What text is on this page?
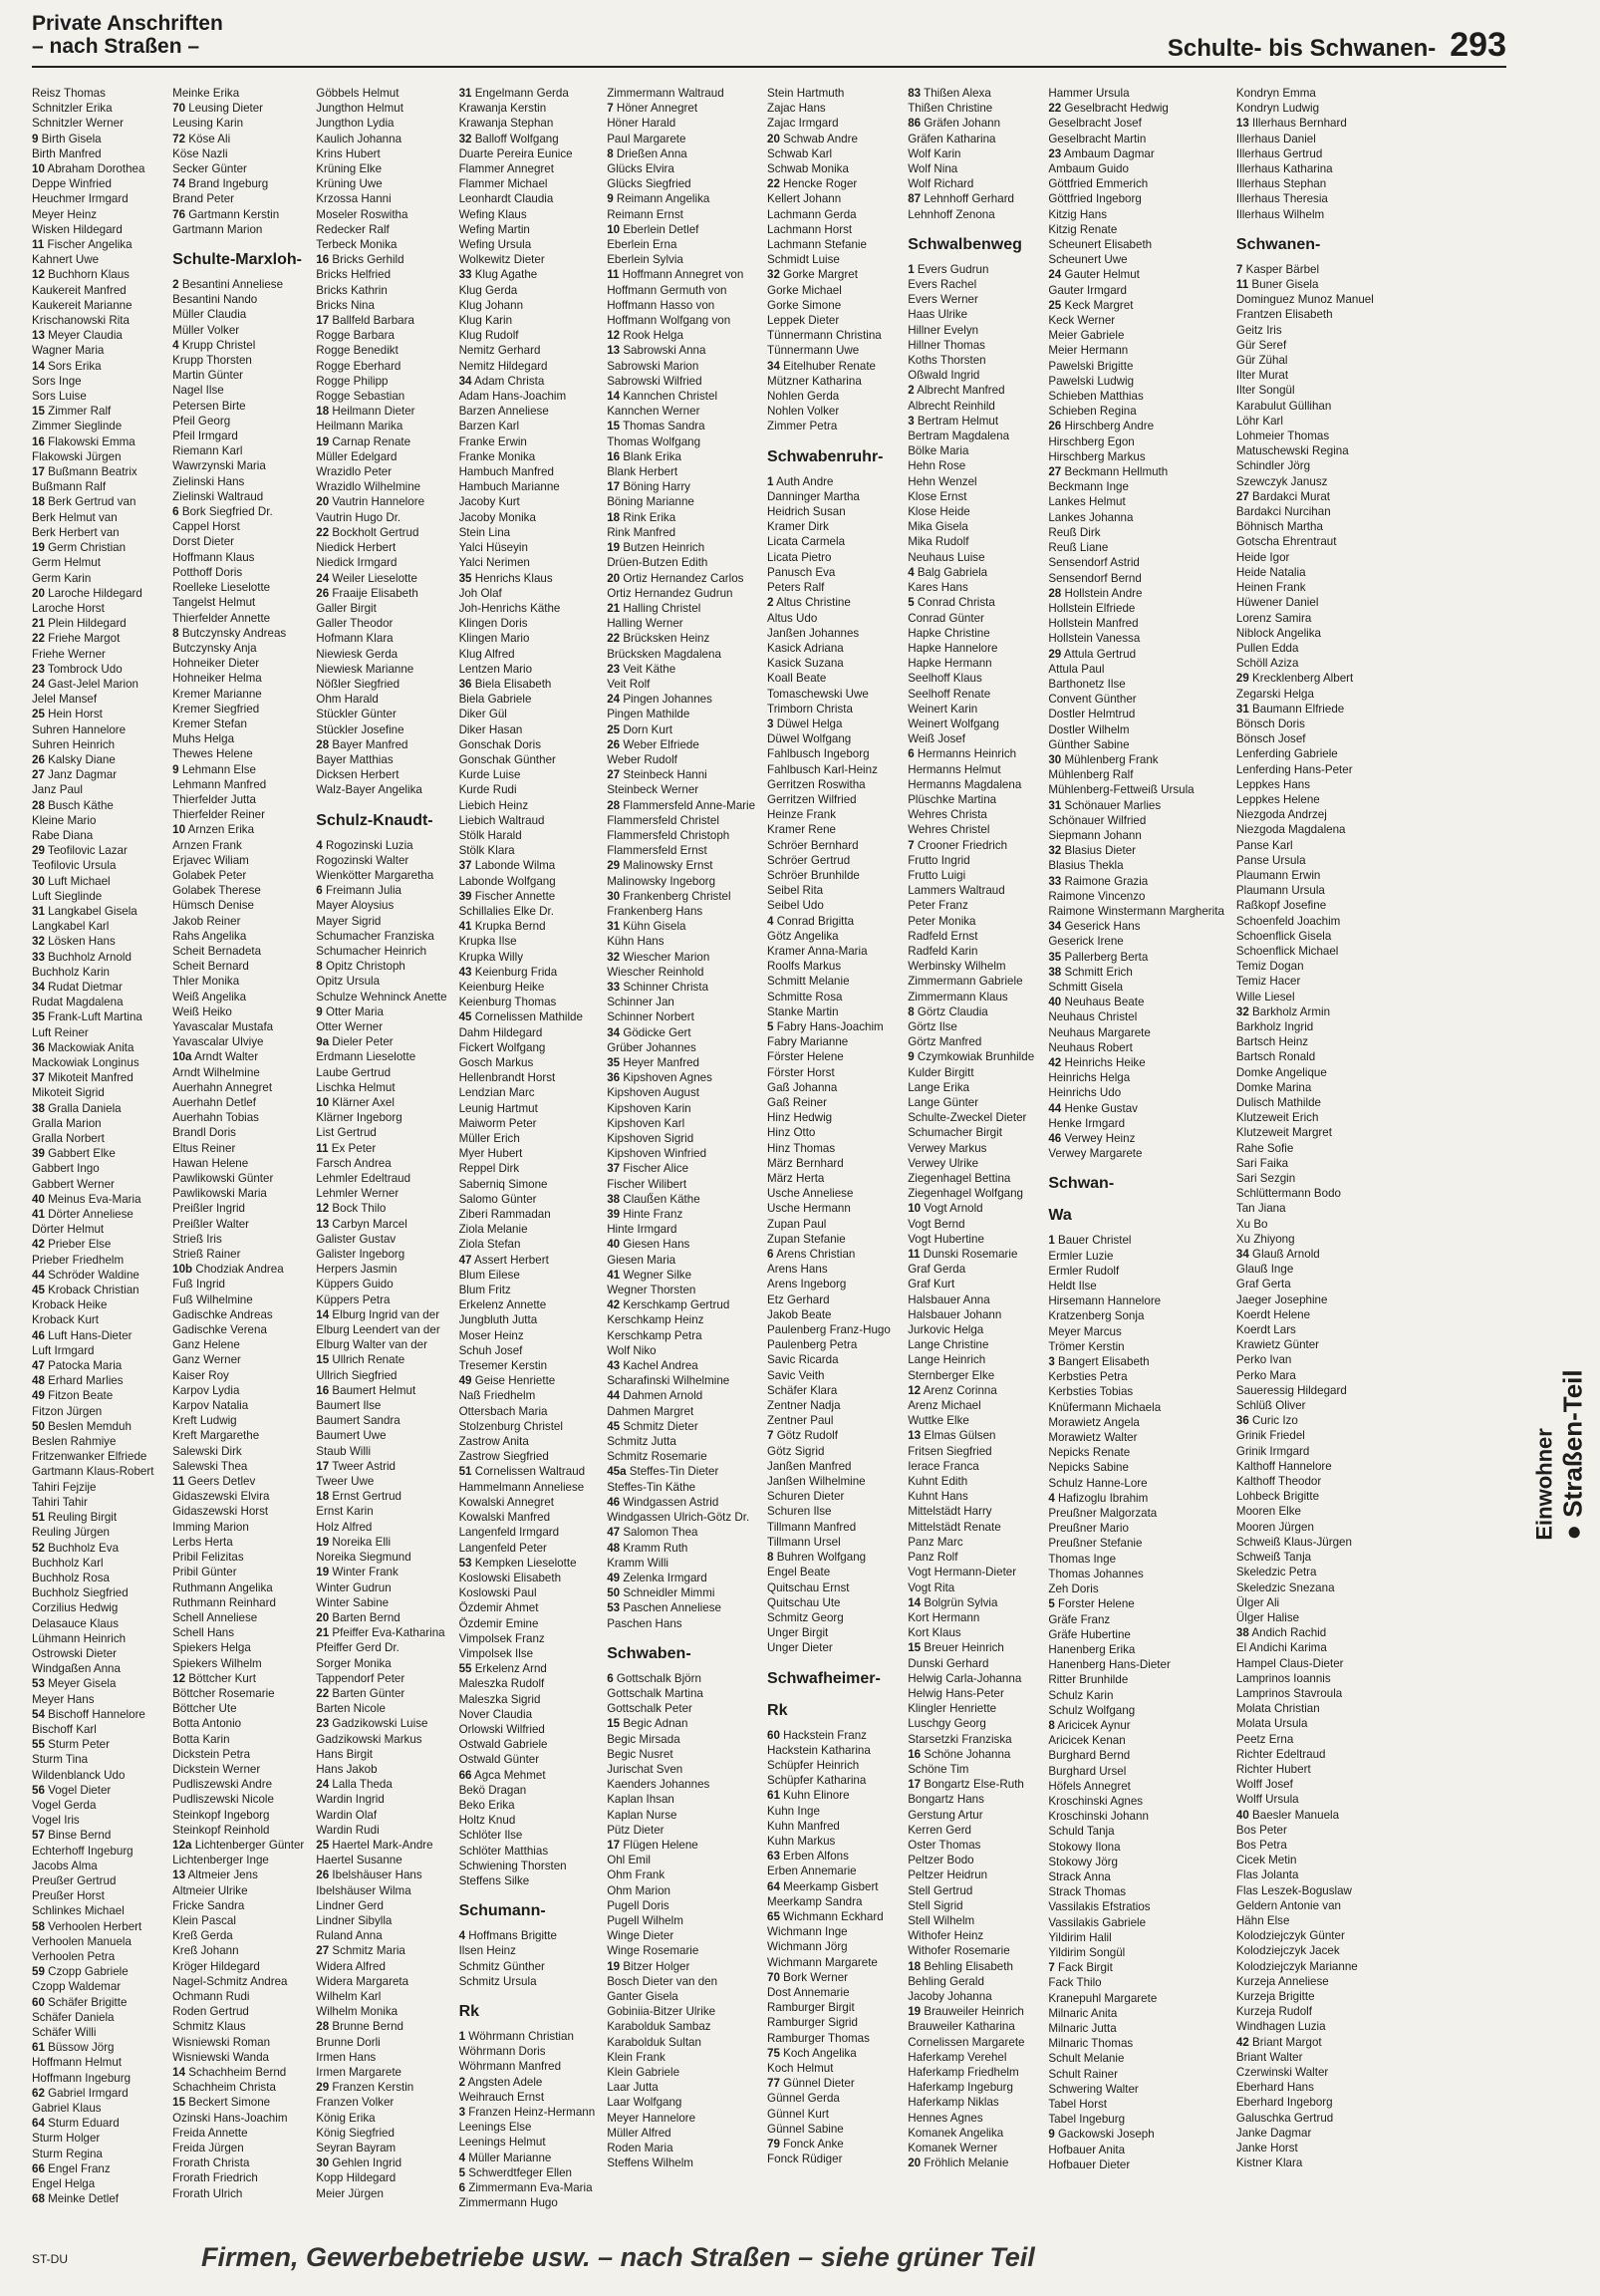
Private Anschriften
– nach Straßen –	Schulte- bis Schwanen- 293
Reisz Thomas
Schnitzler Erika
Schnitzler Werner
9 Birth Gisela
Birth Manfred
10 Abraham Dorothea
Deppe Winfried
Heuchmer Irmgard
Meyer Heinz
Wisken Hildegard
11 Fischer Angelika
Kahnert Uwe
12 Buchhorn Klaus
Kaukereit Manfred
Kaukereit Marianne
Krischanowski Rita
13 Meyer Claudia
Wagner Maria
14 Sors Erika
Sors Inge
Sors Luise
15 Zimmer Ralf
Zimmer Sieglinde
16 Flakowski Emma
Flakowski Jürgen
17 Bußmann Beatrix
Bußmann Ralf
18 Berk Gertrud van
Berk Helmut van
Berk Herbert van
19 Germ Christian
Germ Helmut
Germ Karin
20 Laroche Hildegard
Laroche Horst
21 Plein Hildegard
22 Friehe Margot
Friehe Werner
23 Tombrock Udo
24 Gast-Jelel Marion
Jelel Mansef
25 Hein Horst
Suhren Hannelore
Suhren Heinrich
26 Kalsky Diane
27 Janz Dagmar
Janz Paul
28 Busch Käthe
Kleine Mario
Rabe Diana
29 Teofilovic Lazar
Teofilovic Ursula
30 Luft Michael
Luft Sieglinde
31 Langkabel Gisela
Langkabel Karl
32 Lösken Hans
33 Buchholz Arnold
Buchholz Karin
34 Rudat Dietmar
Rudat Magdalena
35 Frank-Luft Martina
Luft Reiner
36 Mackowiak Anita
Mackowiak Longinus
37 Mikoteit Manfred
Mikoteit Sigrid
38 Gralla Daniela
Gralla Marion
Gralla Norbert
39 Gabbert Elke
Gabbert Ingo
Gabbert Werner
40 Meinus Eva-Maria
41 Dörter Anneliese
Dörter Helmut
42 Prieber Else
Prieber Friedhelm
44 Schröder Waldine
45 Kroback Christian
Kroback Heike
Kroback Kurt
46 Luft Hans-Dieter
Luft Irmgard
47 Patocka Maria
48 Erhard Marlies
49 Fitzon Beate
Fitzon Jürgen
50 Beslen Memduh
Beslen Rahmiye
Fritzenwanker Elfriede
Gartmann Klaus-Robert
Tahiri Fejzije
Tahiri Tahir
51 Reuling Birgit
Reuling Jürgen
52 Buchholz Eva
Buchholz Karl
Buchholz Rosa
Buchholz Siegfried
Corzilius Hedwig
Delasauce Klaus
Lühmann Heinrich
Ostrowski Dieter
Windgaßen Anna
53 Meyer Gisela
Meyer Hans
54 Bischoff Hannelore
Bischoff Karl
55 Sturm Peter
Sturm Tina
Wildenblanck Udo
56 Vogel Dieter
Vogel Gerda
Vogel Iris
57 Binse Bernd
Echterhoff Ingeburg
Jacobs Alma
Preußer Gertrud
Preußer Horst
Schlinkes Michael
58 Verhoolen Herbert
Verhoolen Manuela
Verhoolen Petra
59 Czopp Gabriele
Czopp Waldemar
60 Schäfer Brigitte
Schäfer Daniela
Schäfer Willi
61 Büssow Jörg
Hoffmann Helmut
Hoffmann Ingeburg
62 Gabriel Irmgard
Gabriel Klaus
64 Sturm Eduard
Sturm Holger
Sturm Regina
66 Engel Franz
Engel Helga
68 Meinke Detlef
Meinke Erika
70 Leusing Dieter
Leusing Karin
72 Köse Ali
Köse Nazli
Secker Günter
74 Brand Ingeburg
Brand Peter
76 Gartmann Kerstin
Gartmann Marion
Schulte-Marxloh-
2 Besantini Anneliese
Besantini Nando
Müller Claudia
Müller Volker
4 Krupp Christel
Krupp Thorsten
Martin Günter
Nagel Ilse
Petersen Birte
Pfeil Georg
Pfeil Irmgard
Riemann Karl
Wawrzynski Maria
Zielinski Hans
Zielinski Waltraud
6 Bork Siegfried Dr.
Cappel Horst
Dorst Dieter
Hoffmann Klaus
Potthoff Doris
Roelleke Lieselotte
Tangelst Helmut
Thierfelder Annette
8 Butczynsky Andreas
Butczynsky Anja
Hohneiker Dieter
Hohneiker Helma
Kremer Marianne
Kremer Siegfried
Kremer Stefan
Muhs Helga
Thewes Helene
9 Lehmann Else
Lehmann Manfred
Thierfelder Jutta
Thierfelder Reiner
10 Arnzen Erika
Arnzen Frank
Erjavec Wiliam
Golabek Peter
Golabek Therese
Hümsch Denise
Jakob Reiner
Rahs Angelika
Scheit Bernadeta
Scheit Bernard
Thler Monika
Weiß Angelika
Weiß Heiko
Yavascalar Mustafa
Yavascalar Ulviye
10a Arndt Walter
Arndt Wilhelmine
Auerhahn Annegret
Auerhahn Detlef
Auerhahn Tobias
Brandl Doris
Eltus Reiner
Hawan Helene
Pawlikowski Günter
Pawlikowski Maria
Preißler Ingrid
Preißler Walter
Strieß Iris
Strieß Rainer
10b Chodziak Andrea
Fuß Ingrid
Fuß Wilhelmine
Gadischke Andreas
Gadischke Verena
Ganz Helene
Ganz Werner
Kaiser Roy
Karpov Lydia
Karpov Natalia
Kreft Ludwig
Kreft Margarethe
Salewski Dirk
Salewski Thea
11 Geers Detlev
Gidaszewski Elvira
Gidaszewski Horst
Imming Marion
Lerbs Herta
Pribil Felizitas
Pribil Günter
Ruthmann Angelika
Ruthmann Reinhard
Schell Anneliese
Schell Hans
Spiekers Helga
Spiekers Wilhelm
12 Böttcher Kurt
Böttcher Rosemarie
Böttcher Ute
Botta Antonio
Botta Karin
Dickstein Petra
Dickstein Werner
Pudliszewski Andre
Pudliszewski Nicole
Steinkopf Ingeborg
Steinkopf Reinhold
12a Lichtenberger Günter
Lichtenberger Inge
13 Altmeier Jens
Altmeier Ulrike
Fricke Sandra
Klein Pascal
Kreß Gerda
Kreß Johann
Kröger Hildegard
Nagel-Schmitz Andrea
Ochmann Rudi
Roden Gertrud
Schmitz Klaus
Wisniewski Roman
Wisniewski Wanda
14 Schachheim Bernd
Schachheim Christa
15 Beckert Simone
Ozinski Hans-Joachim
Freida Annette
Freida Jürgen
Frorath Christa
Frorath Friedrich
Frorath Ulrich
Göbbels Helmut
Jungthon Helmut
Jungthon Lydia
Kaulich Johanna
Krins Hubert
Krüning Elke
Krüning Uwe
Krzossa Hanni
Moseler Roswitha
Redecker Ralf
Terbeck Monika
16 Bricks Gerhild
Bricks Helfried
Bricks Kathrin
Bricks Nina
17 Ballfeld Barbara
Rogge Barbara
Rogge Benedikt
Rogge Eberhard
Rogge Philipp
Rogge Sebastian
18 Heilmann Dieter
Heilmann Marika
19 Carnap Renate
Müller Edelgard
Wrazidlo Peter
Wrazidlo Wilhelmine
20 Vautrin Hannelore
Vautrin Hugo Dr.
22 Bockholt Gertrud
Niedick Herbert
Niedick Irmgard
24 Weiler Lieselotte
26 Fraaije Elisabeth
Galler Birgit
Galler Theodor
Hofmann Klara
Niewiesk Gerda
Niewiesk Marianne
Nößler Siegfried
Ohm Harald
Stückler Günter
Stückler Josefine
28 Bayer Manfred
Bayer Matthias
Dicksen Herbert
Walz-Bayer Angelika
Schulz-Knaudt-
4 Rogozinski Luzia
Rogozinski Walter
Wienkötter Margaretha
6 Freimann Julia
Mayer Aloysius
Mayer Sigrid
Schumacher Franziska
Schumacher Heinrich
8 Opitz Christoph
Opitz Ursula
Schulze Wehninck Anette
9 Otter Maria
Otter Werner
9a Dieler Peter
Erdmann Lieselotte
Laube Gertrud
Lischka Helmut
10 Klärner Axel
Klärner Ingeborg
List Gertrud
11 Ex Peter
Farsch Andrea
Lehmler Edeltraud
Lehmler Werner
12 Bock Thilo
13 Carbyn Marcel
Galister Gustav
Galister Ingeborg
Herpers Jasmin
Küppers Guido
Küppers Petra
14 Elburg Ingrid van der
Elburg Leendert van der
Elburg Walter van der
15 Ullrich Renate
Ullrich Siegfried
16 Baumert Helmut
Baumert Ilse
Baumert Sandra
Baumert Uwe
Staub Willi
17 Tweer Astrid
Tweer Uwe
18 Ernst Gertrud
Ernst Karin
Holz Alfred
19 Noreika Elli
Noreika Siegmund
19 Winter Frank
Winter Gudrun
Winter Sabine
20 Barten Bernd
21 Pfeiffer Eva-Katharina
Pfeiffer Gerd Dr.
Sorger Monika
Tappendorf Peter
22 Barten Günter
Barten Nicole
23 Gadzikowski Luise
Gadzikowski Markus
Hans Birgit
Hans Jakob
24 Lalla Theda
Wardin Ingrid
Wardin Olaf
Wardin Rudi
25 Haertel Mark-Andre
Haertel Susanne
26 Ibelshäuser Hans
Ibelshäuser Wilma
Lindner Gerd
Lindner Sibylla
Ruland Anna
27 Schmitz Maria
Widera Alfred
Widera Margareta
Wilhelm Karl
Wilhelm Monika
28 Brunne Bernd
Brunne Dorli
Irmen Hans
Irmen Margarete
29 Franzen Kerstin
Franzen Volker
König Erika
König Siegfried
Seyran Bayram
30 Gehlen Ingrid
Kopp Hildegard
Meier Jürgen
31 Engelmann Gerda
Krawanja Kerstin
Krawanja Stephan
32 Balloff Wolfgang
Duarte Pereira Eunice
Flammer Annegret
Flammer Michael
Leonhardt Claudia
Wefing Klaus
Wefing Martin
Wefing Ursula
Wolkewitz Dieter
33 Klug Agathe
Klug Gerda
Klug Johann
Klug Karin
Klug Rudolf
Nemitz Gerhard
Nemitz Hildegard
34 Adam Christa
Adam Hans-Joachim
Barzen Anneliese
Barzen Karl
Franke Erwin
Franke Monika
Hambuch Manfred
Hambuch Marianne
Jacoby Kurt
Jacoby Monika
Stein Lina
Yalci Hüseyin
Yalci Nerimen
35 Henrichs Klaus
Joh Olaf
Joh-Henrichs Käthe
Klingen Doris
Klingen Mario
Klug Alfred
Lentzen Mario
36 Biela Elisabeth
Biela Gabriele
Diker Gül
Diker Hasan
Gonschak Doris
Gonschak Günther
Kurde Luise
Kurde Rudi
Liebich Heinz
Liebich Waltraud
Stölk Harald
Stölk Klara
37 Labonde Wilma
Labonde Wolfgang
39 Fischer Annette
Schillalies Elke Dr.
41 Krupka Bernd
Krupka Ilse
Krupka Willy
43 Keienburg Frida
Keienburg Heike
Keienburg Thomas
45 Cornelissen Mathilde
Dahm Hildegard
Fickert Wolfgang
Gosch Markus
Hellenbrandt Horst
Lendzian Marc
Leunig Hartmut
Maiworm Peter
Müller Erich
Myer Hubert
Reppel Dirk
Saberniq Simone
Salomo Günter
Ziberi Rammadan
Ziola Melanie
Ziola Stefan
47 Assert Herbert
Blum Eilese
Blum Fritz
Erkelenz Annette
Jungbluth Jutta
Moser Heinz
Schuh Josef
Tresemer Kerstin
49 Geise Henriette
Naß Friedhelm
Ottersbach Maria
Stolzenburg Christel
Zastrow Anita
Zastrow Siegfried
51 Cornelissen Waltraud
Hammelmann Anneliese
Kowalski Annegret
Kowalski Manfred
Langenfeld Irmgard
Langenfeld Peter
53 Kempken Lieselotte
Koslowski Elisabeth
Koslowski Paul
Özdemir Ahmet
Özdemir Emine
Vimpolsek Franz
Vimpolsek Ilse
55 Erkelenz Arnd
Maleszka Rudolf
Maleszka Sigrid
Nover Claudia
Orlowski Wilfried
Ostwald Gabriele
Ostwald Günter
66 Agca Mehmet
Bekö Dragan
Beko Erika
Holtz Knud
Schlöter Ilse
Schlöter Matthias
Schwiening Thorsten
Steffens Silke
Schumann-
4 Hoffmans Brigitte
Ilsen Heinz
Schmitz Günther
Schmitz Ursula
Rk
1 Wöhrmann Christian
Wöhrmann Doris
Wöhrmann Manfred
2 Angsten Adele
Weihrauch Ernst
3 Franzen Heinz-Hermann
Leenings Else
Leenings Helmut
4 Müller Marianne
5 Schwerdtfeger Ellen
6 Zimmermann Eva-Maria
Zimmermann Hugo
Zimmermann Waltraud
7 Höner Annegret
Höner Harald
Paul Margarete
8 Drießen Anna
Glücks Elvira
Glücks Siegfried
9 Reimann Angelika
Reimann Ernst
10 Eberlein Detlef
Eberlein Erna
Eberlein Sylvia
11 Hoffmann Annegret von
Hoffmann Germuth von
Hoffmann Hasso von
Hoffmann Wolfgang von
12 Rook Helga
13 Sabrowski Anna
Sabrowski Marion
Sabrowski Wilfried
14 Kannchen Christel
Kannchen Werner
15 Thomas Sandra
Thomas Wolfgang
16 Blank Erika
Blank Herbert
17 Böning Harry
Böning Marianne
18 Rink Erika
Rink Manfred
19 Butzen Heinrich
Drüen-Butzen Edith
20 Ortiz Hernandez Carlos
Ortiz Hernandez Gudrun
21 Halling Christel
Halling Werner
22 Brücksken Heinz
Brücksken Magdalena
23 Veit Käthe
Veit Rolf
24 Pingen Johannes
Pingen Mathilde
25 Dorn Kurt
26 Weber Elfriede
Weber Rudolf
27 Steinbeck Hanni
Steinbeck Werner
28 Flammersfeld Anne-Marie
Flammersfeld Christel
Flammersfeld Christoph
Flammersfeld Ernst
29 Malinowsky Ernst
Malinowsky Ingeborg
30 Frankenberg Christel
Frankenberg Hans
31 Kühn Gisela
Kühn Hans
32 Wiescher Marion
Wiescher Reinhold
33 Schinner Christa
Schinner Jan
Schinner Norbert
34 Gödicke Gert
Grüber Johannes
35 Heyer Manfred
36 Kipshoven Agnes
Kipshoven August
Kipshoven Karin
Kipshoven Karl
Kipshoven Sigrid
Kipshoven Winfried
37 Fischer Alice
Fischer Wilibert
38 Clauß̈en Käthe
39 Hinte Franz
Hinte Irmgard
40 Giesen Hans
Giesen Maria
41 Wegner Silke
Wegner Thorsten
42 Kerschkamp Gertrud
Kerschkamp Heinz
Kerschkamp Petra
Wolf Niko
43 Kachel Andrea
Scharafinski Wilhelmine
44 Dahmen Arnold
Dahmen Margret
45 Schmitz Dieter
Schmitz Jutta
Schmitz Rosemarie
45a Steffes-Tin Dieter
Steffes-Tin Käthe
46 Windgassen Astrid
Windgassen Ulrich-Götz Dr.
47 Salomon Thea
48 Kramm Ruth
Kramm Willi
49 Zelenka Irmgard
50 Schneidler Mimmi
53 Paschen Anneliese
Paschen Hans
Schwaben-
6 Gottschalk Björn
Gottschalk Martina
Gottschalk Peter
15 Begic Adnan
Begic Mirsada
Begic Nusret
Jurischat Sven
Kaenders Johannes
Kaplan Ihsan
Kaplan Nurse
Pütz Dieter
17 Flügen Helene
Ohl Emil
Ohm Frank
Ohm Marion
Pugell Doris
Pugell Wilhelm
Winge Dieter
Winge Rosemarie
19 Bitzer Holger
Bosch Dieter van den
Ganter Gisela
Gobiniia-Bitzer Ulrike
Karabolduk Sambaz
Karabolduk Sultan
Klein Frank
Klein Gabriele
Laar Jutta
Laar Wolfgang
Meyer Hannelore
Müller Alfred
Roden Maria
Steffens Wilhelm
Stein Hartmuth
Zajac Hans
Zajac Irmgard
20 Schwab Andre
Schwab Karl
Schwab Monika
22 Hencke Roger
Kellert Johann
Lachmann Gerda
Lachmann Horst
Lachmann Stefanie
Schmidt Luise
32 Gorke Margret
Gorke Michael
Gorke Simone
Leppek Dieter
Tünnermann Christina
Tünnermann Uwe
34 Eitelhuber Renate
Mützner Katharina
Nohlen Gerda
Nohlen Volker
Zimmer Petra
Schwabenruhr-
1 Auth Andre
Danninger Martha
Heidrich Susan
Kramer Dirk
Licata Carmela
Licata Pietro
Panusch Eva
Peters Ralf
2 Altus Christine
Altus Udo
Janßen Johannes
Kasick Adriana
Kasick Suzana
Koall Beate
Tomaschewski Uwe
Trimborn Christa
3 Düwel Helga
Düwel Wolfgang
Fahlbusch Ingeborg
Fahlbusch Karl-Heinz
Gerritzen Roswitha
Gerritzen Wilfried
Heinze Frank
Kramer Rene
Schröer Bernhard
Schröer Gertrud
Schröer Brunhilde
Seibel Rita
Seibel Udo
4 Conrad Brigitta
Götz Angelika
Kramer Anna-Maria
Roolfs Markus
Schmitt Melanie
Schmitte Rosa
Stanke Martin
5 Fabry Hans-Joachim
Fabry Marianne
Förster Helene
Förster Horst
Gaß Johanna
Gaß Reiner
Hinz Hedwig
Hinz Otto
Hinz Thomas
März Bernhard
März Herta
Usche Anneliese
Usche Hermann
Zupan Paul
Zupan Stefanie
6 Arens Christian
Arens Hans
Arens Ingeborg
Etz Gerhard
Jakob Beate
Paulenberg Franz-Hugo
Paulenberg Petra
Savic Ricarda
Savic Veith
Schäfer Klara
Zentner Nadja
Zentner Paul
7 Götz Rudolf
Götz Sigrid
Janßen Manfred
Janßen Wilhelmine
Schuren Dieter
Schuren Ilse
Tillmann Manfred
Tillmann Ursel
8 Buhren Wolfgang
Engel Beate
Quitschau Ernst
Quitschau Ute
Schmitz Georg
Unger Birgit
Unger Dieter
Schwafheimer-
Rk
60 Hackstein Franz
Hackstein Katharina
Schüpfer Heinrich
Schüpfer Katharina
61 Kuhn Elinore
Kuhn Inge
Kuhn Manfred
Kuhn Markus
63 Erben Alfons
Erben Annemarie
64 Meerkamp Gisbert
Meerkamp Sandra
65 Wichmann Eckhard
Wichmann Inge
Wichmann Jörg
Wichmann Margarete
70 Bork Werner
Dost Annemarie
Ramburger Birgit
Ramburger Sigrid
Ramburger Thomas
75 Koch Angelika
Koch Helmut
77 Günnel Dieter
Günnel Gerda
Günnel Kurt
Günnel Sabine
79 Fonck Anke
Fonck Rüdiger
83 Thißen Alexa
Thißen Christine
86 Gräfen Johann
Gräfen Katharina
Wolf Karin
Wolf Nina
Wolf Richard
87 Lehnhoff Gerhard
Lehnhoff Zenona
Schwalbenweg
1 Evers Gudrun
Evers Rachel
Evers Werner
Haas Ulrike
Hillner Evelyn
Hillner Thomas
Koths Thorsten
Oßwald Ingrid
2 Albrecht Manfred
Albrecht Reinhild
3 Bertram Helmut
Bertram Magdalena
Bölke Maria
Hehn Rose
Hehn Wenzel
Klose Ernst
Klose Heide
Mika Gisela
Mika Rudolf
Neuhaus Luise
4 Balg Gabriela
Kares Hans
5 Conrad Christa
Conrad Günter
Hapke Christine
Hapke Hannelore
Hapke Hermann
Seelhoff Klaus
Seelhoff Renate
Weinert Karin
Weinert Wolfgang
Weiß Josef
6 Hermanns Heinrich
Hermanns Helmut
Hermanns Magdalena
Plüschke Martina
Wehres Christa
Wehres Christel
7 Crooner Friedrich
Frutto Ingrid
Frutto Luigi
Lammers Waltraud
Peter Franz
Peter Monika
Radfeld Ernst
Radfeld Karin
Werbinsky Wilhelm
Zimmermann Gabriele
Zimmermann Klaus
8 Görtz Claudia
Görtz Ilse
Görtz Manfred
9 Czymkowiak Brunhilde
Kulder Birgitt
Lange Erika
Lange Günter
Schulte-Zweckel Dieter
Schumacher Birgit
Verwey Markus
Verwey Ulrike
Ziegenhagel Bettina
Ziegenhagel Wolfgang
10 Vogt Arnold
Vogt Bernd
Vogt Hubertine
11 Dunski Rosemarie
Graf Gerda
Graf Kurt
Halsbauer Anna
Halsbauer Johann
Jurkovic Helga
Lange Christine
Lange Heinrich
Sternberger Elke
12 Arenz Corinna
Arenz Michael
Wuttke Elke
13 Elmas Gülsen
Fritsen Siegfried
Ierace Franca
Kuhnt Edith
Kuhnt Hans
Mittelstädt Harry
Mittelstädt Renate
Panz Marc
Panz Rolf
Vogt Hermann-Dieter
Vogt Rita
14 Bolgrün Sylvia
Kort Hermann
Kort Klaus
15 Breuer Heinrich
Dunski Gerhard
Helwig Carla-Johanna
Helwig Hans-Peter
Klingler Henriette
Luschgy Georg
Starsetzki Franziska
16 Schöne Johanna
Schöne Tim
17 Bongartz Else-Ruth
Bongartz Hans
Gerstung Artur
Kerren Gerd
Oster Thomas
Peltzer Bodo
Peltzer Heidrun
Stell Gertrud
Stell Sigrid
Stell Wilhelm
Withofer Heinz
Withofer Rosemarie
18 Behling Elisabeth
Behling Gerald
Jacoby Johanna
19 Brauweiler Heinrich
Brauweiler Katharina
Cornelissen Margarete
Haferkamp Verehel
Haferkamp Friedhelm
Haferkamp Ingeburg
Haferkamp Niklas
Hennes Agnes
Komanek Angelika
Komanek Werner
20 Fröhlich Melanie
Hammer Ursula
22 Geselbracht Hedwig
Geselbracht Josef
Geselbracht Martin
23 Ambaum Dagmar
Ambaum Guido
Göttfried Emmerich
Göttfried Ingeborg
Kitzig Hans
Kitzig Renate
Scheunert Elisabeth
Scheunert Uwe
24 Gauter Helmut
Gauter Irmgard
25 Keck Margret
Keck Werner
Meier Gabriele
Meier Hermann
Pawelski Brigitte
Pawelski Ludwig
Schieben Matthias
Schieben Regina
26 Hirschberg Andre
Hirschberg Egon
Hirschberg Markus
27 Beckmann Hellmuth
Beckmann Inge
Lankes Helmut
Lankes Johanna
Reuß Dirk
Reuß Liane
Sensendorf Astrid
Sensendorf Bernd
28 Hollstein Andre
Hollstein Elfriede
Hollstein Manfred
Hollstein Vanessa
29 Attula Gertrud
Attula Paul
Barthonetz Ilse
Convent Günther
Dostler Helmtrud
Dostler Wilhelm
Günther Sabine
30 Mühlenberg Frank
Mühlenberg Ralf
Mühlenberg-Fettweiß Ursula
31 Schönauer Marlies
Schönauer Wilfried
Siepmann Johann
32 Blasius Dieter
Blasius Thekla
33 Raimone Grazia
Raimone Vincenzo
Raimone Winstermann Margherita
34 Geserick Hans
Geserick Irene
35 Pallerberg Berta
38 Schmitt Erich
Schmitt Gisela
40 Neuhaus Beate
Neuhaus Christel
Neuhaus Margarete
Neuhaus Robert
42 Heinrichs Heike
Heinrichs Helga
Heinrichs Udo
44 Henke Gustav
Henke Irmgard
46 Verwey Heinz
Verwey Margarete
Schwan-
Wa
1 Bauer Christel
Ermler Luzie
Ermler Rudolf
Heldt Ilse
Hirsemann Hannelore
Kratzenberg Sonja
Meyer Marcus
Trömer Kerstin
3 Bangert Elisabeth
Kerbsties Petra
Kerbsties Tobias
Knüfermann Michaela
Morawietz Angela
Morawietz Walter
Nepicks Renate
Nepicks Sabine
Schulz Hanne-Lore
4 Hafizoglu Ibrahim
Preußner Malgorzata
Preußner Mario
Preußner Stefanie
Thomas Inge
Thomas Johannes
Zeh Doris
5 Forster Helene
Gräfe Franz
Gräfe Hubertine
Hanenberg Erika
Hanenberg Hans-Dieter
Ritter Brunhilde
Schulz Karin
Schulz Wolfgang
8 Aricicek Aynur
Aricicek Kenan
Burghard Bernd
Burghard Ursel
Höfels Annegret
Kroschinski Agnes
Kroschinski Johann
Schuld Tanja
Stokowy Ilona
Stokowy Jörg
Strack Anna
Strack Thomas
Vassilakis Efstratios
Vassilakis Gabriele
Yildirim Halil
Yildirim Songül
7 Fack Birgit
Fack Thilo
Kranepuhl Margarete
Milnaric Anita
Milnaric Jutta
Milnaric Thomas
Schult Melanie
Schult Rainer
Schwering Walter
Tabel Horst
Tabel Ingeburg
9 Gackowski Joseph
Hofbauer Anita
Hofbauer Dieter
Kondryn Emma
Kondryn Ludwig
13 Illerhaus Bernhard
Illerhaus Daniel
Illerhaus Gertrud
Illerhaus Katharina
Illerhaus Stephan
Illerhaus Theresia
Illerhaus Wilhelm
Schwanen-
7 Kasper Bärbel
11 Buner Gisela
Dominguez Munoz Manuel
Frantzen Elisabeth
Geitz Iris
Gür Seref
Gür Zühal
Ilter Murat
Ilter Songül
Karabulut Güllihan
Löhr Karl
Lohmeier Thomas
Matuschewski Regina
Schindler Jörg
Szewczyk Janusz
27 Bardakci Murat
Bardakci Nurcihan
Böhnisch Martha
Gotscha Ehrentraut
Heide Igor
Heide Natalia
Heinen Frank
Hüwener Daniel
Lorenz Samira
Niblock Angelika
Pullen Edda
Schöll Aziza
29 Krecklenberg Albert
Zegarski Helga
31 Baumann Elfriede
Bönsch Doris
Bönsch Josef
Lenferding Gabriele
Lenferding Hans-Peter
Leppkes Hans
Leppkes Helene
Niezgoda Andrzej
Niezgoda Magdalena
Panse Karl
Panse Ursula
Plaumann Erwin
Plaumann Ursula
Raßkopf Josefine
Schoenfeld Joachim
Schoenflick Gisela
Schoenflick Michael
Temiz Dogan
Temiz Hacer
Wille Liesel
32 Barkholz Armin
Barkholz Ingrid
Bartsch Heinz
Bartsch Ronald
Domke Angelique
Domke Marina
Dulisch Mathilde
Klutzeweit Erich
Klutzeweit Margret
Rahe Sofie
Sari Faika
Sari Sezgin
Schlüttermann Bodo
Tan Jiana
Xu Bo
Xu Zhiyong
34 Glauß Arnold
Glauß Inge
Graf Gerta
Jaeger Josephine
Koerdt Helene
Koerdt Lars
Krawietz Günter
Perko Ivan
Perko Mara
Saueressig Hildegard
Schlüß Oliver
36 Curic Izo
Grinik Friedel
Grinik Irmgard
Kalthoff Hannelore
Kalthoff Theodor
Lohbeck Brigitte
Mooren Elke
Mooren Jürgen
Schweiß Klaus-Jürgen
Schweiß Tanja
Skeledzic Petra
Skeledzic Snezana
Ülger Ali
Ülger Halise
38 Andich Rachid
El Andichi Karima
Hampel Claus-Dieter
Lamprinos Ioannis
Lamprinos Stavroula
Molata Christian
Molata Ursula
Peetz Erna
Richter Edeltraud
Richter Hubert
Wolff Josef
Wolff Ursula
40 Baesler Manuela
Bos Peter
Bos Petra
Cicek Metin
Flas Jolanta
Flas Leszek-Boguslaw
Geldern Antonie van
Hähn Else
Kolodziejczyk Günter
Kolodziejczyk Jacek
Kolodziejczyk Marianne
Kurzeja Anneliese
Kurzeja Brigitte
Kurzeja Rudolf
Windhagen Luzia
42 Briant Margot
Briant Walter
Czerwinski Walter
Eberhard Hans
Eberhard Ingeborg
Galuschka Gertrud
Janke Dagmar
Janke Horst
Kistner Klara
Einwohner ● Straßen-Teil
ST-DU	Firmen, Gewerbebetriebe usw. – nach Straßen – siehe grüner Teil
